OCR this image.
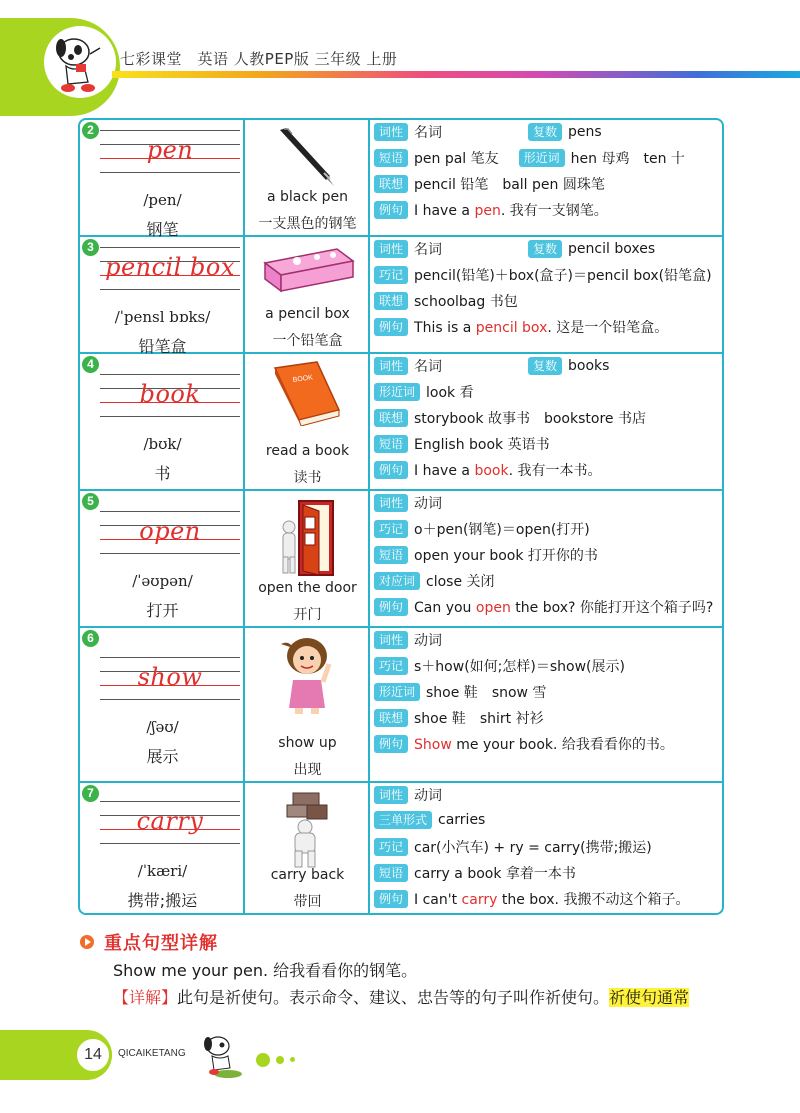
七彩课堂　英语 人教PEP版 三年级 上册
2
pen
/pen/
钢笔
a black pen
一支黑色的钢笔
词性 名词	复数 pens
短语 pen pal 笔友 形近词 hen 母鸡 ten 十
联想 pencil 铅笔 ball pen 圆珠笔
例句 I have a pen. 我有一支钢笔。
3
pencil box
/ˈpensl bɒks/
铅笔盒
a pencil box
一个铅笔盒
词性 名词	复数 pencil boxes
巧记 pencil(铅笔)＋box(盒子)＝pencil box(铅笔盒)
联想 schoolbag 书包
例句 This is a pencil box. 这是一个铅笔盒。
4
book
/bʊk/
书
BOOK
read a book
读书
词性 名词	复数 books
形近词 look 看
联想 storybook 故事书 bookstore 书店
短语 English book 英语书
例句 I have a book. 我有一本书。
5
open
/ˈəʊpən/
打开
open the door
开门
词性 动词
巧记 o＋pen(钢笔)＝open(打开)
短语 open your book 打开你的书
对应词 close 关闭
例句 Can you open the box? 你能打开这个箱子吗?
6
show
/ʃəʊ/
展示
show up
出现
词性 动词
巧记 s＋how(如何;怎样)＝show(展示)
形近词 shoe 鞋 snow 雪
联想 shoe 鞋 shirt 衬衫
例句 Show me your book. 给我看看你的书。
7
carry
/ˈkæri/
携带;搬运
carry back
带回
词性 动词
三单形式 carries
巧记 car(小汽车) + ry = carry(携带;搬运)
短语 carry a book 拿着一本书
例句 I can't carry the box. 我搬不动这个箱子。
重点句型详解
Show me your pen. 给我看看你的钢笔。
【详解】此句是祈使句。表示命令、建议、忠告等的句子叫作祈使句。祈使句通常
14	QICAIKETANG
